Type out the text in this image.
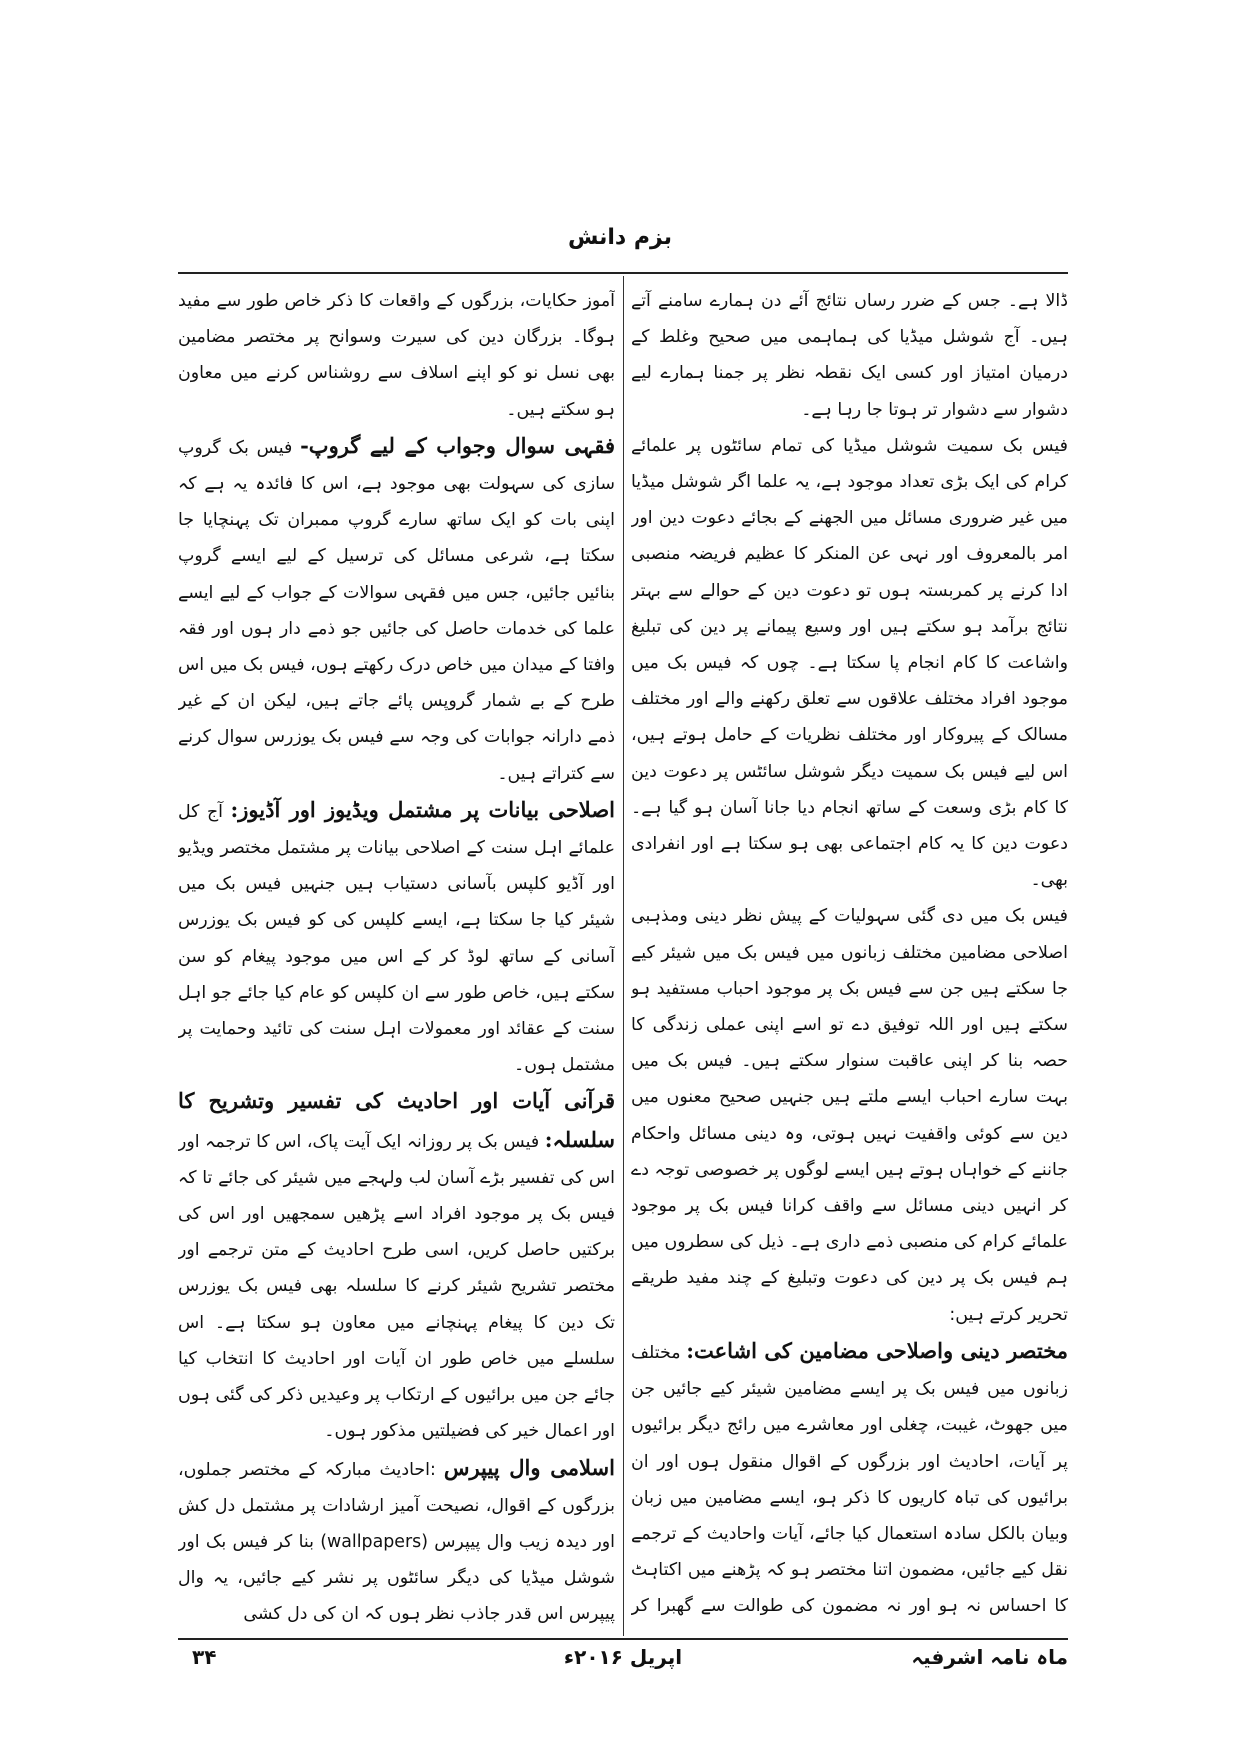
بزم دانش

ڈالا ہے۔ جس کے ضرر رساں نتائج آئے دن ہمارے سامنے آتے ہیں۔ آج شوشل میڈیا کی ہماہمی میں صحیح وغلط کے درمیان امتیاز اور کسی ایک نقطہ نظر پر جمنا ہمارے لیے دشوار سے دشوار تر ہوتا جا رہا ہے۔

فیس بک سمیت شوشل میڈیا کی تمام سائٹوں پر علمائے کرام کی ایک بڑی تعداد موجود ہے، یہ علما اگر شوشل میڈیا میں غیر ضروری مسائل میں الجھنے کے بجائے دعوت دین اور امر بالمعروف اور نہی عن المنکر کا عظیم فریضہ منصبی ادا کرنے پر کمربستہ ہوں تو دعوت دین کے حوالے سے بہتر نتائج برآمد ہو سکتے ہیں اور وسیع پیمانے پر دین کی تبلیغ واشاعت کا کام انجام پا سکتا ہے۔ چوں کہ فیس بک میں موجود افراد مختلف علاقوں سے تعلق رکھنے والے اور مختلف مسالک کے پیروکار اور مختلف نظریات کے حامل ہوتے ہیں، اس لیے فیس بک سمیت دیگر شوشل سائٹس پر دعوت دین کا کام بڑی وسعت کے ساتھ انجام دیا جانا آسان ہو گیا ہے۔ دعوت دین کا یہ کام اجتماعی بھی ہو سکتا ہے اور انفرادی بھی۔

فیس بک میں دی گئی سہولیات کے پیش نظر دینی ومذہبی اصلاحی مضامین مختلف زبانوں میں فیس بک میں شیئر کیے جا سکتے ہیں جن سے فیس بک پر موجود احباب مستفید ہو سکتے ہیں اور اللہ توفیق دے تو اسے اپنی عملی زندگی کا حصہ بنا کر اپنی عاقبت سنوار سکتے ہیں۔ فیس بک میں بہت سارے احباب ایسے ملتے ہیں جنہیں صحیح معنوں میں دین سے کوئی واقفیت نہیں ہوتی، وہ دینی مسائل واحکام جاننے کے خواہاں ہوتے ہیں ایسے لوگوں پر خصوصی توجہ دے کر انہیں دینی مسائل سے واقف کرانا فیس بک پر موجود علمائے کرام کی منصبی ذمے داری ہے۔ ذیل کی سطروں میں ہم فیس بک پر دین کی دعوت وتبلیغ کے چند مفید طریقے تحریر کرتے ہیں:

مختصر دینی واصلاحی مضامین کی اشاعت: مختلف زبانوں میں فیس بک پر ایسے مضامین شیئر کیے جائیں جن میں جھوٹ، غیبت، چغلی اور معاشرے میں رائج دیگر برائیوں پر آیات، احادیث اور بزرگوں کے اقوال منقول ہوں اور ان برائیوں کی تباہ کاریوں کا ذکر ہو، ایسے مضامین میں زبان وبیان بالکل سادہ استعمال کیا جائے، آیات واحادیث کے ترجمے نقل کیے جائیں، مضمون اتنا مختصر ہو کہ پڑھنے میں اکتاہٹ کا احساس نہ ہو اور نہ مضمون کی طوالت سے گھبرا کر

آموز حکایات، بزرگوں کے واقعات کا ذکر خاص طور سے مفید ہوگا۔ بزرگان دین کی سیرت وسوانح پر مختصر مضامین بھی نسل نو کو اپنے اسلاف سے روشناس کرنے میں معاون ہو سکتے ہیں۔

فقہی سوال وجواب کے لیے گروپ- فیس بک گروپ سازی کی سہولت بھی موجود ہے، اس کا فائدہ یہ ہے کہ اپنی بات کو ایک ساتھ سارے گروپ ممبران تک پہنچایا جا سکتا ہے، شرعی مسائل کی ترسیل کے لیے ایسے گروپ بنائیں جائیں، جس میں فقہی سوالات کے جواب کے لیے ایسے علما کی خدمات حاصل کی جائیں جو ذمے دار ہوں اور فقہ وافتا کے میدان میں خاص درک رکھتے ہوں، فیس بک میں اس طرح کے بے شمار گروپس پائے جاتے ہیں، لیکن ان کے غیر ذمے دارانہ جوابات کی وجہ سے فیس بک یوزرس سوال کرنے سے کتراتے ہیں۔

اصلاحی بیانات پر مشتمل ویڈیوز اور آڈیوز: آج کل علمائے اہل سنت کے اصلاحی بیانات پر مشتمل مختصر ویڈیو اور آڈیو کلپس بآسانی دستیاب ہیں جنہیں فیس بک میں شیئر کیا جا سکتا ہے، ایسے کلپس کی کو فیس بک یوزرس آسانی کے ساتھ لوڈ کر کے اس میں موجود پیغام کو سن سکتے ہیں، خاص طور سے ان کلپس کو عام کیا جائے جو اہل سنت کے عقائد اور معمولات اہل سنت کی تائید وحمایت پر مشتمل ہوں۔

قرآنی آیات اور احادیث کی تفسیر وتشریح کا سلسلہ: فیس بک پر روزانہ ایک آیت پاک، اس کا ترجمہ اور اس کی تفسیر بڑے آسان لب ولہجے میں شیئر کی جائے تا کہ فیس بک پر موجود افراد اسے پڑھیں سمجھیں اور اس کی برکتیں حاصل کریں، اسی طرح احادیث کے متن ترجمے اور مختصر تشریح شیئر کرنے کا سلسلہ بھی فیس بک یوزرس تک دین کا پیغام پہنچانے میں معاون ہو سکتا ہے۔ اس سلسلے میں خاص طور ان آیات اور احادیث کا انتخاب کیا جائے جن میں برائیوں کے ارتکاب پر وعیدیں ذکر کی گئی ہوں اور اعمال خیر کی فضیلتیں مذکور ہوں۔

اسلامی وال پیپرس :احادیث مبارکہ کے مختصر جملوں، بزرگوں کے اقوال، نصیحت آمیز ارشادات پر مشتمل دل کش اور دیدہ زیب وال پیپرس (wallpapers) بنا کر فیس بک اور شوشل میڈیا کی دیگر سائٹوں پر نشر کیے جائیں، یہ وال پیپرس اس قدر جاذب نظر ہوں کہ ان کی دل کشی

ماہ نامہ اشرفیہ
اپریل ۲۰۱۶ء
۳۴
